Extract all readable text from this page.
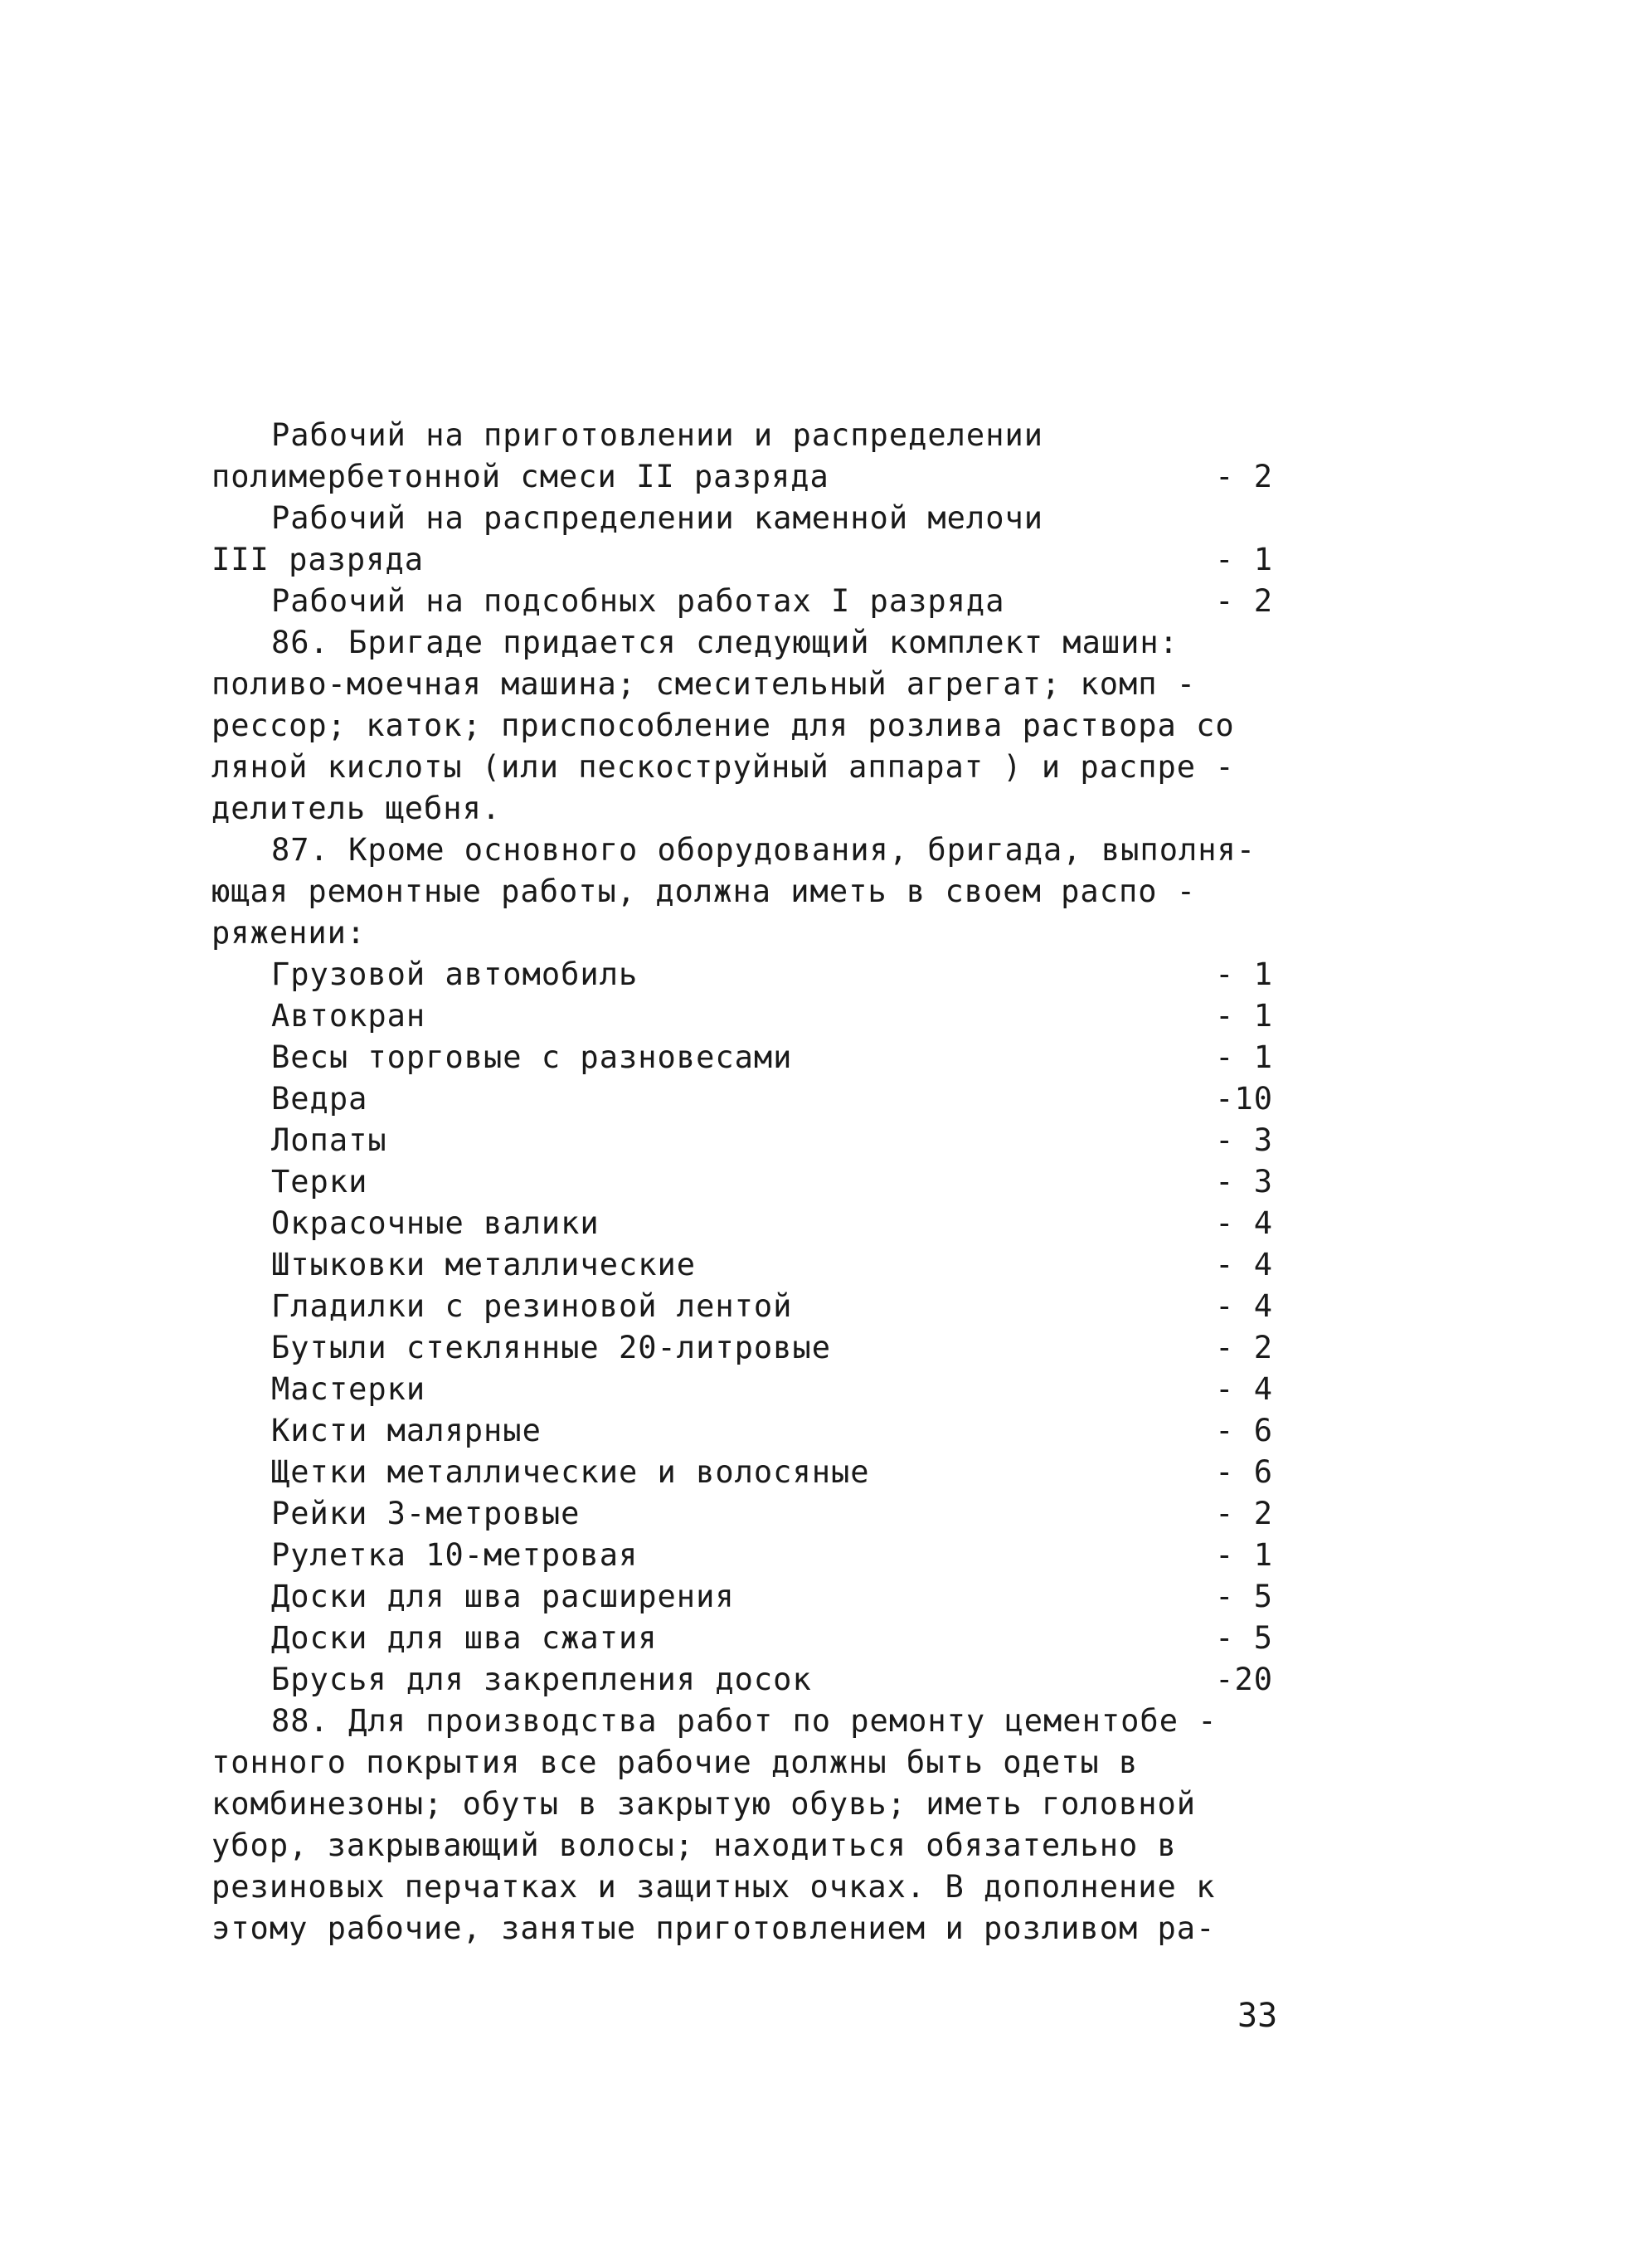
Рабочий на приготовлении и распределении
полимербетонной смеси II разряда	- 2
Рабочий на распределении каменной мелочи
III разряда	- 1
Рабочий на подсобных работах I разряда	- 2
86. Бригаде придается следующий комплект машин:
поливо-моечная машина; смесительный агрегат; комп -
рессор; каток; приспособление для розлива раствора со
ляной кислоты (или пескоструйный аппарат ) и распре -
делитель щебня.
87. Кроме основного оборудования, бригада, выполня-
ющая ремонтные работы, должна иметь в своем распо -
ряжении:
Грузовой автомобиль	- 1
Автокран	- 1
Весы торговые с разновесами	- 1
Ведра	-10
Лопаты	- 3
Терки	- 3
Окрасочные валики	- 4
Штыковки металлические	- 4
Гладилки с резиновой лентой	- 4
Бутыли стеклянные 20-литровые	- 2
Мастерки	- 4
Кисти малярные	- 6
Щетки металлические и волосяные	- 6
Рейки 3-метровые	- 2
Рулетка 10-метровая	- 1
Доски для шва расширения	- 5
Доски для шва сжатия	- 5
Брусья для закрепления досок	-20
88. Для производства работ по ремонту цементобе -
тонного покрытия все рабочие должны быть одеты в
комбинезоны; обуты в закрытую обувь; иметь головной
убор, закрывающий волосы; находиться обязательно в
резиновых перчатках и защитных очках. В дополнение к
этому рабочие, занятые приготовлением и розливом ра-
33
